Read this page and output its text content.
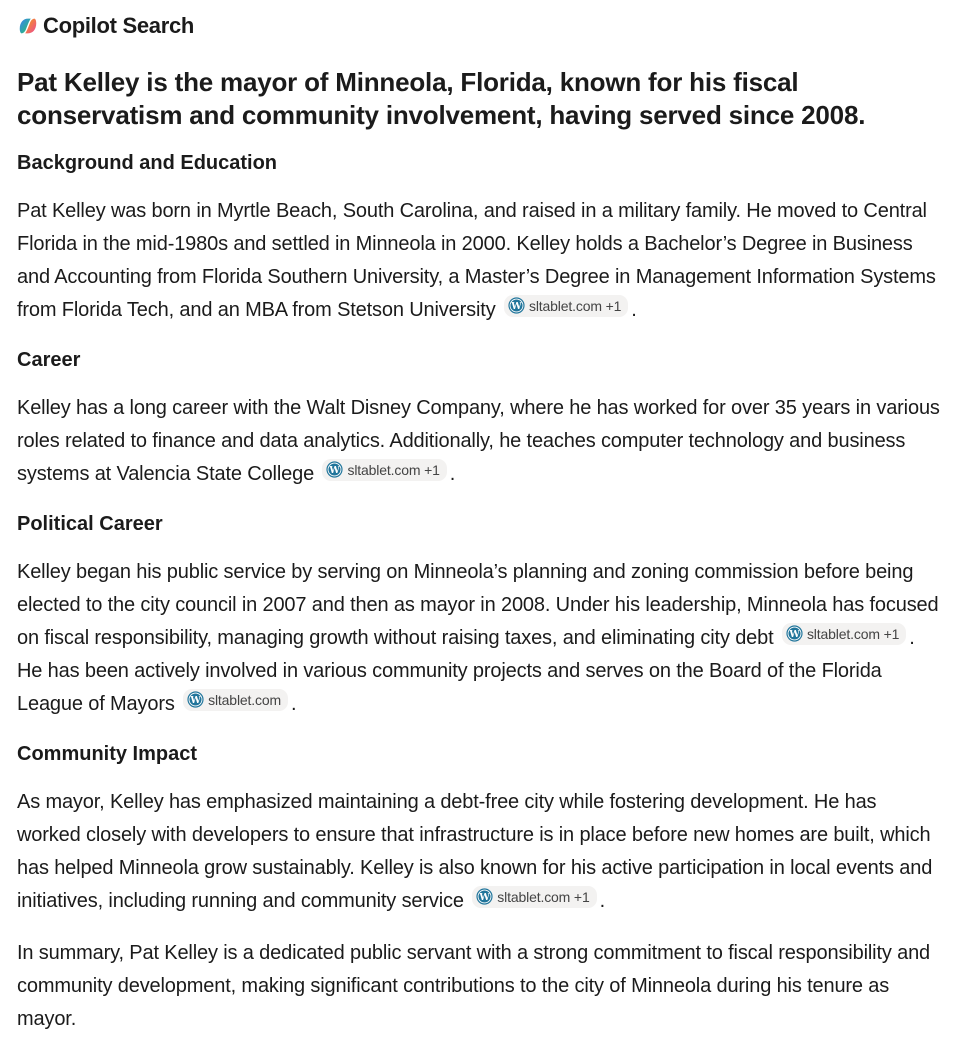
Copilot Search
Pat Kelley is the mayor of Minneola, Florida, known for his fiscal conservatism and community involvement, having served since 2008.
Background and Education

Pat Kelley was born in Myrtle Beach, South Carolina, and raised in a military family. He moved to Central Florida in the mid-1980s and settled in Minneola in 2000. Kelley holds a Bachelor’s Degree in Business and Accounting from Florida Southern University, a Master’s Degree in Management Information Systems from Florida Tech, and an MBA from Stetson University W sltablet.com +1 .

Career

Kelley has a long career with the Walt Disney Company, where he has worked for over 35 years in various roles related to finance and data analytics. Additionally, he teaches computer technology and business systems at Valencia State College W sltablet.com +1 .

Political Career

Kelley began his public service by serving on Minneola’s planning and zoning commission before being elected to the city council in 2007 and then as mayor in 2008. Under his leadership, Minneola has focused on fiscal responsibility, managing growth without raising taxes, and eliminating city debt W sltablet.com +1 . He has been actively involved in various community projects and serves on the Board of the Florida League of Mayors W sltablet.com .

Community Impact

As mayor, Kelley has emphasized maintaining a debt-free city while fostering development. He has worked closely with developers to ensure that infrastructure is in place before new homes are built, which has helped Minneola grow sustainably. Kelley is also known for his active participation in local events and initiatives, including running and community service W sltablet.com +1 .

In summary, Pat Kelley is a dedicated public servant with a strong commitment to fiscal responsibility and community development, making significant contributions to the city of Minneola during his tenure as mayor.
